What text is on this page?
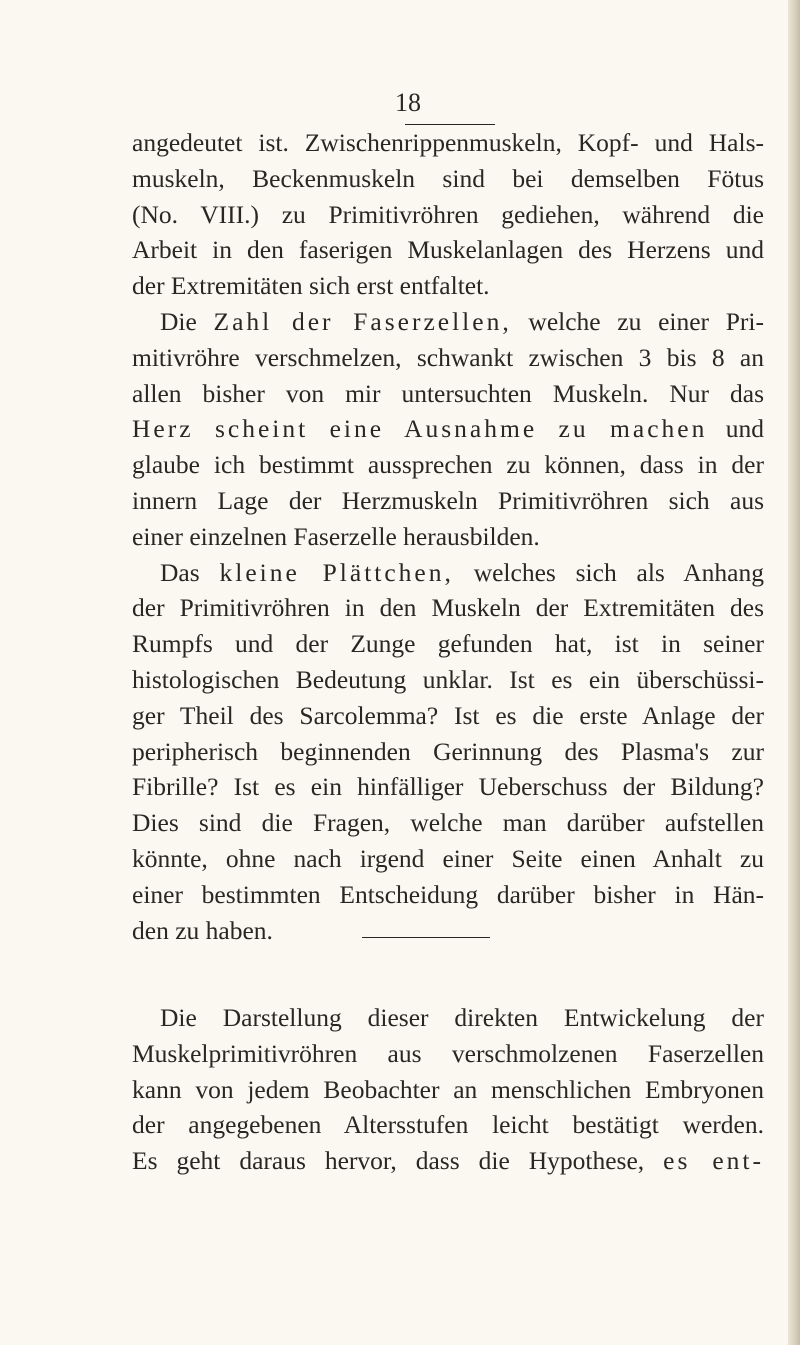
18
angedeutet ist. Zwischenrippenmuskeln, Kopf- und Hals-
muskeln, Beckenmuskeln sind bei demselben Fötus
(No. VIII.) zu Primitivröhren gediehen, während die
Arbeit in den faserigen Muskelanlagen des Herzens und
der Extremitäten sich erst entfaltet.
Die Zahl der Faserzellen, welche zu einer Pri-
mitivröhre verschmelzen, schwankt zwischen 3 bis 8 an
allen bisher von mir untersuchten Muskeln. Nur das
Herz scheint eine Ausnahme zu machen und
glaube ich bestimmt aussprechen zu können, dass in der
innern Lage der Herzmuskeln Primitivröhren sich aus
einer einzelnen Faserzelle herausbilden.
Das kleine Plättchen, welches sich als Anhang
der Primitivröhren in den Muskeln der Extremitäten des
Rumpfs und der Zunge gefunden hat, ist in seiner
histologischen Bedeutung unklar. Ist es ein überschüssi-
ger Theil des Sarcolemma? Ist es die erste Anlage der
peripherisch beginnenden Gerinnung des Plasma's zur
Fibrille? Ist es ein hinfälliger Ueberschuss der Bildung?
Dies sind die Fragen, welche man darüber aufstellen
könnte, ohne nach irgend einer Seite einen Anhalt zu
einer bestimmten Entscheidung darüber bisher in Hän-
den zu haben.
Die Darstellung dieser direkten Entwickelung der
Muskelprimitivröhren aus verschmolzenen Faserzellen
kann von jedem Beobachter an menschlichen Embryonen
der angegebenen Altersstufen leicht bestätigt werden.
Es geht daraus hervor, dass die Hypothese, es ent-
